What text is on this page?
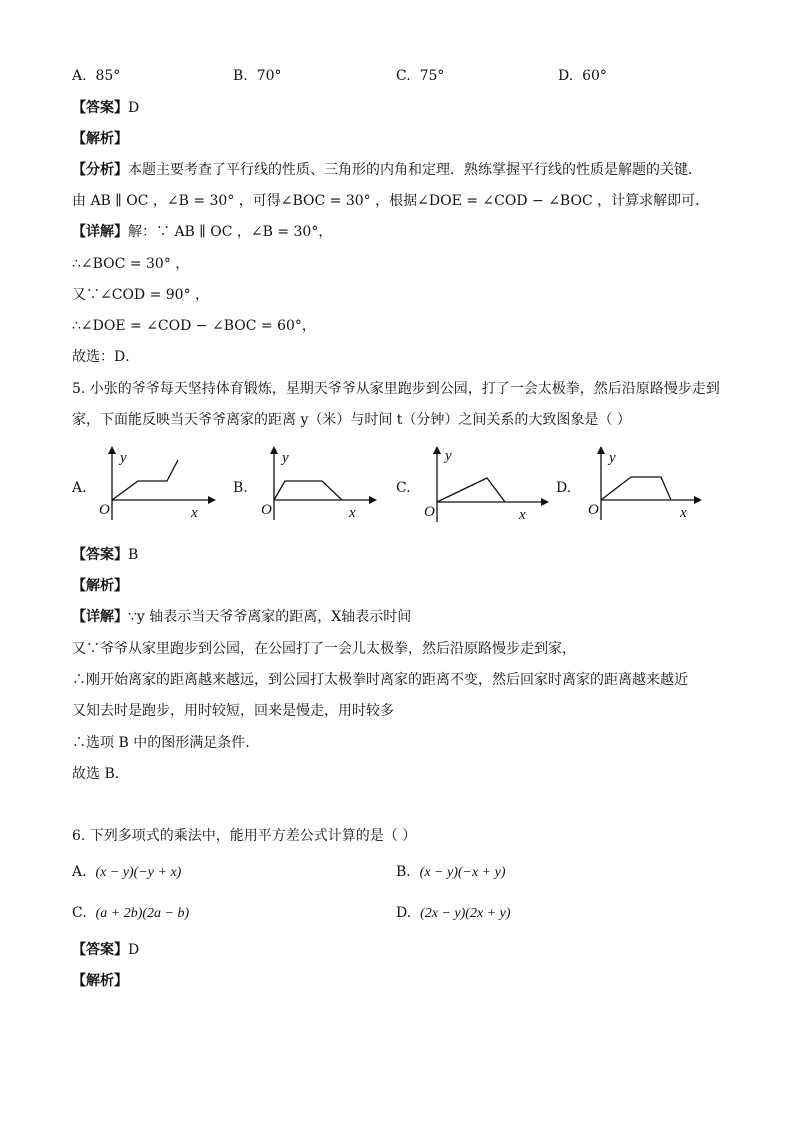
A. 85°	B. 70°	C. 75°	D. 60°
【答案】D
【解析】
【分析】本题主要考查了平行线的性质、三角形的内角和定理．熟练掌握平行线的性质是解题的关键．
由 AB ∥ OC ，∠B = 30° ，可得∠BOC = 30° ，根据∠DOE = ∠COD − ∠BOC ，计算求解即可．
【详解】解：∵ AB ∥ OC ，∠B = 30°，
∴∠BOC = 30° ，
又∵∠COD = 90° ，
∴∠DOE = ∠COD − ∠BOC = 60°，
故选：D．
5. 小张的爷爷每天坚持体育锻炼，星期天爷爷从家里跑步到公园，打了一会太极拳，然后沿原路慢步走到
家，下面能反映当天爷爷离家的距离 y（米）与时间 t（分钟）之间关系的大致图象是（ ）
A.
y
O	x
B.
y
O	x
C.
y
O	x
D.
y
O	x
【答案】B
【解析】
【详解】∵y 轴表示当天爷爷离家的距离，X轴表示时间
又∵爷爷从家里跑步到公园，在公园打了一会儿太极拳，然后沿原路慢步走到家，
∴刚开始离家的距离越来越远，到公园打太极拳时离家的距离不变，然后回家时离家的距离越来越近
又知去时是跑步，用时较短，回来是慢走，用时较多
∴选项 B 中的图形满足条件.
故选 B.
6. 下列多项式的乘法中，能用平方差公式计算的是（ ）
A. (x − y)(−y + x)	B. (x − y)(−x + y)
C. (a + 2b)(2a − b)	D. (2x − y)(2x + y)
【答案】D
【解析】
